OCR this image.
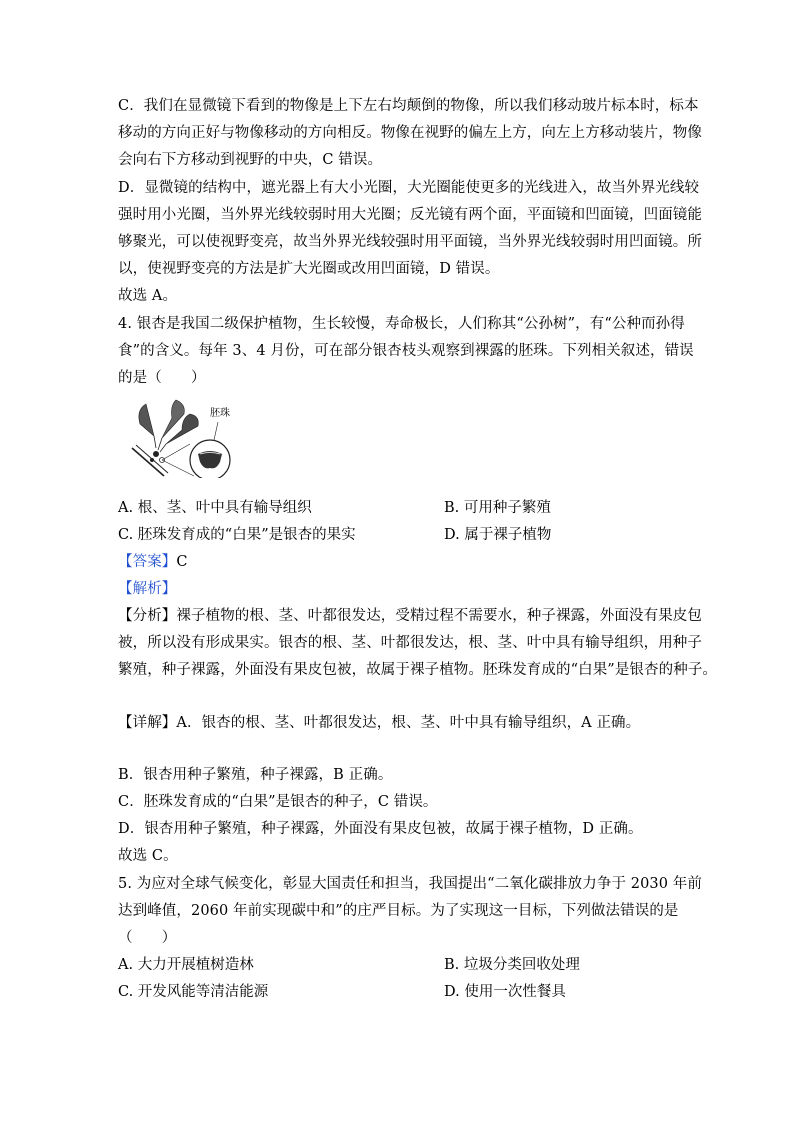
C．我们在显微镜下看到的物像是上下左右均颠倒的物像，所以我们移动玻片标本时，标本
移动的方向正好与物像移动的方向相反。物像在视野的偏左上方，向左上方移动装片，物像
会向右下方移动到视野的中央，C 错误。
D．显微镜的结构中，遮光器上有大小光圈，大光圈能使更多的光线进入，故当外界光线较
强时用小光圈，当外界光线较弱时用大光圈；反光镜有两个面，平面镜和凹面镜，凹面镜能
够聚光，可以使视野变亮，故当外界光线较强时用平面镜，当外界光线较弱时用凹面镜。所
以，使视野变亮的方法是扩大光圈或改用凹面镜，D 错误。
故选 A。
4. 银杏是我国二级保护植物，生长较慢，寿命极长，人们称其“公孙树”，有“公种而孙得
食”的含义。每年 3、4 月份，可在部分银杏枝头观察到裸露的胚珠。下列相关叙述，错误
的是（　　）
胚珠
A. 根、茎、叶中具有输导组织	B. 可用种子繁殖
C. 胚珠发育成的“白果”是银杏的果实	D. 属于裸子植物
【答案】C
【解析】
【分析】裸子植物的根、茎、叶都很发达，受精过程不需要水，种子裸露，外面没有果皮包
被，所以没有形成果实。银杏的根、茎、叶都很发达，根、茎、叶中具有输导组织，用种子
繁殖，种子裸露，外面没有果皮包被，故属于裸子植物。胚珠发育成的“白果”是银杏的种子。
【详解】A．银杏的根、茎、叶都很发达，根、茎、叶中具有输导组织，A 正确。
B．银杏用种子繁殖，种子裸露，B 正确。
C．胚珠发育成的“白果”是银杏的种子，C 错误。
D．银杏用种子繁殖，种子裸露，外面没有果皮包被，故属于裸子植物，D 正确。
故选 C。
5. 为应对全球气候变化，彰显大国责任和担当，我国提出“二氧化碳排放力争于 2030 年前
达到峰值，2060 年前实现碳中和”的庄严目标。为了实现这一目标，下列做法错误的是
（　　）
A. 大力开展植树造林	B. 垃圾分类回收处理
C. 开发风能等清洁能源	D. 使用一次性餐具
